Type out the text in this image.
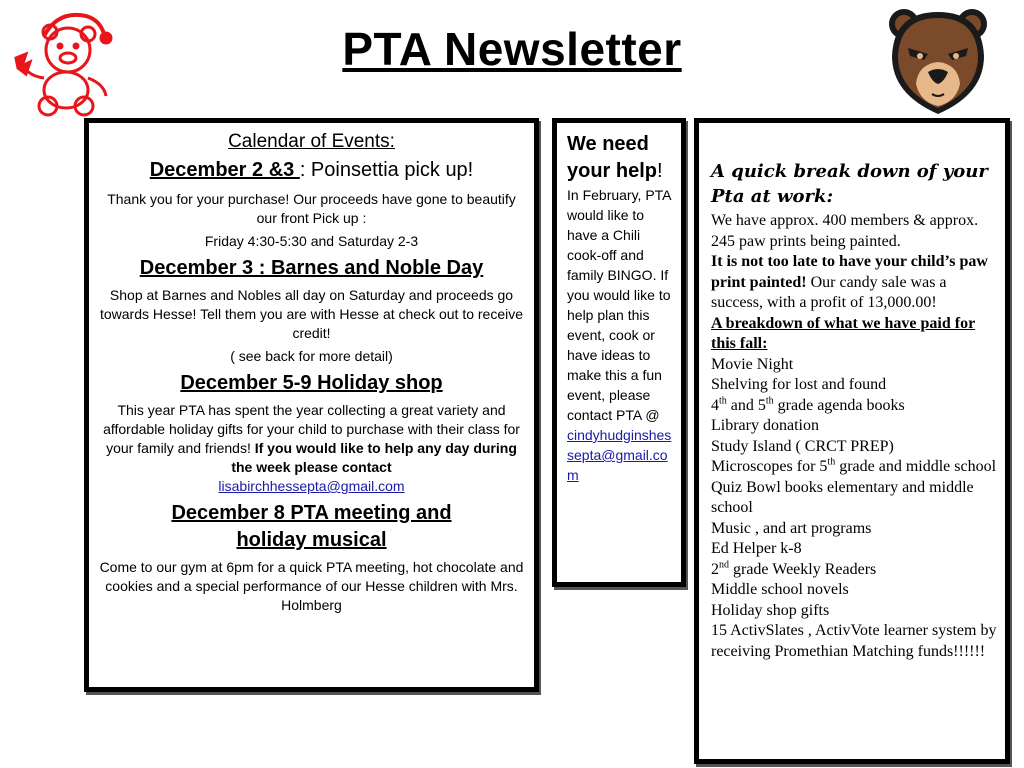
PTA Newsletter
Calendar of Events:
December 2 &3 : Poinsettia pick up!
Thank you for your purchase! Our proceeds have gone to beautify our front Pick up :
Friday 4:30-5:30 and Saturday 2-3
December 3 : Barnes and Noble Day
Shop at Barnes and Nobles all day on Saturday and proceeds go towards Hesse! Tell them you are with Hesse at check out to receive credit!
( see back for more detail)
December 5-9 Holiday shop
This year PTA has spent the year collecting a great variety and affordable holiday gifts for your child to purchase with their class for your family and friends! If you would like to help any day during the week please contact
lisabirchhessepta@gmail.com
December 8 PTA meeting and
holiday musical
Come to our gym at 6pm for a quick PTA meeting, hot chocolate and cookies and a special performance of our Hesse children with Mrs. Holmberg
We need your help! In February, PTA would like to have a Chili cook-off and family BINGO. If you would like to help plan this event, cook or have ideas to make this a fun event, please contact PTA @
cindyhudginshessepta@gmail.com
A quick break down of your Pta at work:
We have approx. 400 members & approx. 245 paw prints being painted.
It is not too late to have your child’s paw print painted! Our candy sale was a success, with a profit of 13,000.00!
A breakdown of what we have paid for this fall:
Movie Night
Shelving for lost and found
4th and 5th grade agenda books
Library donation
Study Island ( CRCT PREP)
Microscopes for 5th grade and middle school
Quiz Bowl books elementary and middle school
Music , and art programs
Ed Helper k-8
2nd grade Weekly Readers
Middle school novels
Holiday shop gifts
15 ActivSlates , ActivVote learner system by receiving Promethian Matching funds!!!!!!
